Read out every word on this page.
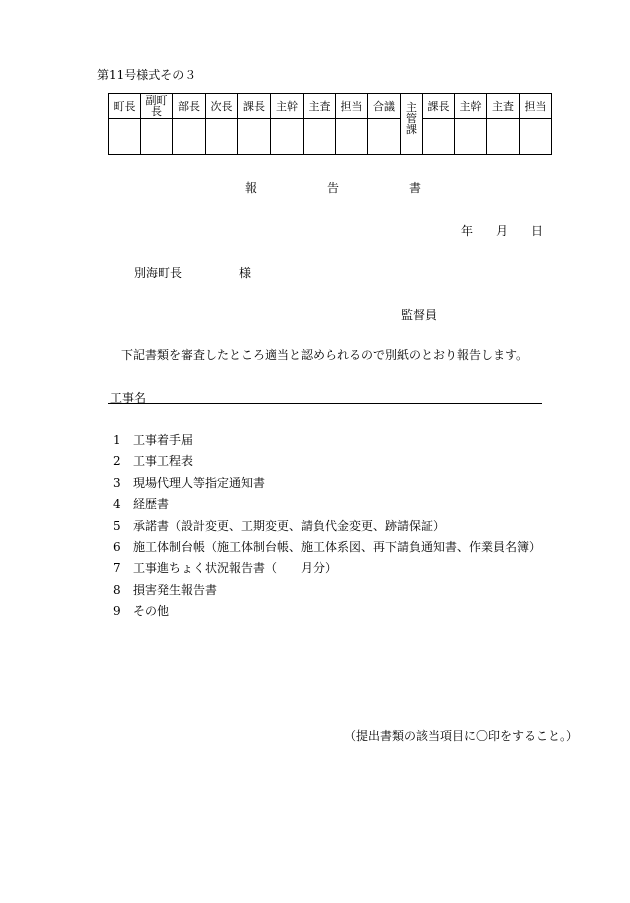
第11号様式その３
町長	副町長	部長	次長	課長	主幹	主査	担当	合議	主管課	課長	主幹	主査	担当

報	告	書
年 月 日
別海町長	様
監督員
下記書類を審査したところ適当と認められるので別紙のとおり報告します。
工事名
1 工事着手届
2 工事工程表
3 現場代理人等指定通知書
4 経歴書
5 承諾書（設計変更、工期変更、請負代金変更、跡請保証）
6 施工体制台帳（施工体制台帳、施工体系図、再下請負通知書、作業員名簿）
7 工事進ちょく状況報告書（　　月分）
8 損害発生報告書
9 その他
（提出書類の該当項目に〇印をすること。）
